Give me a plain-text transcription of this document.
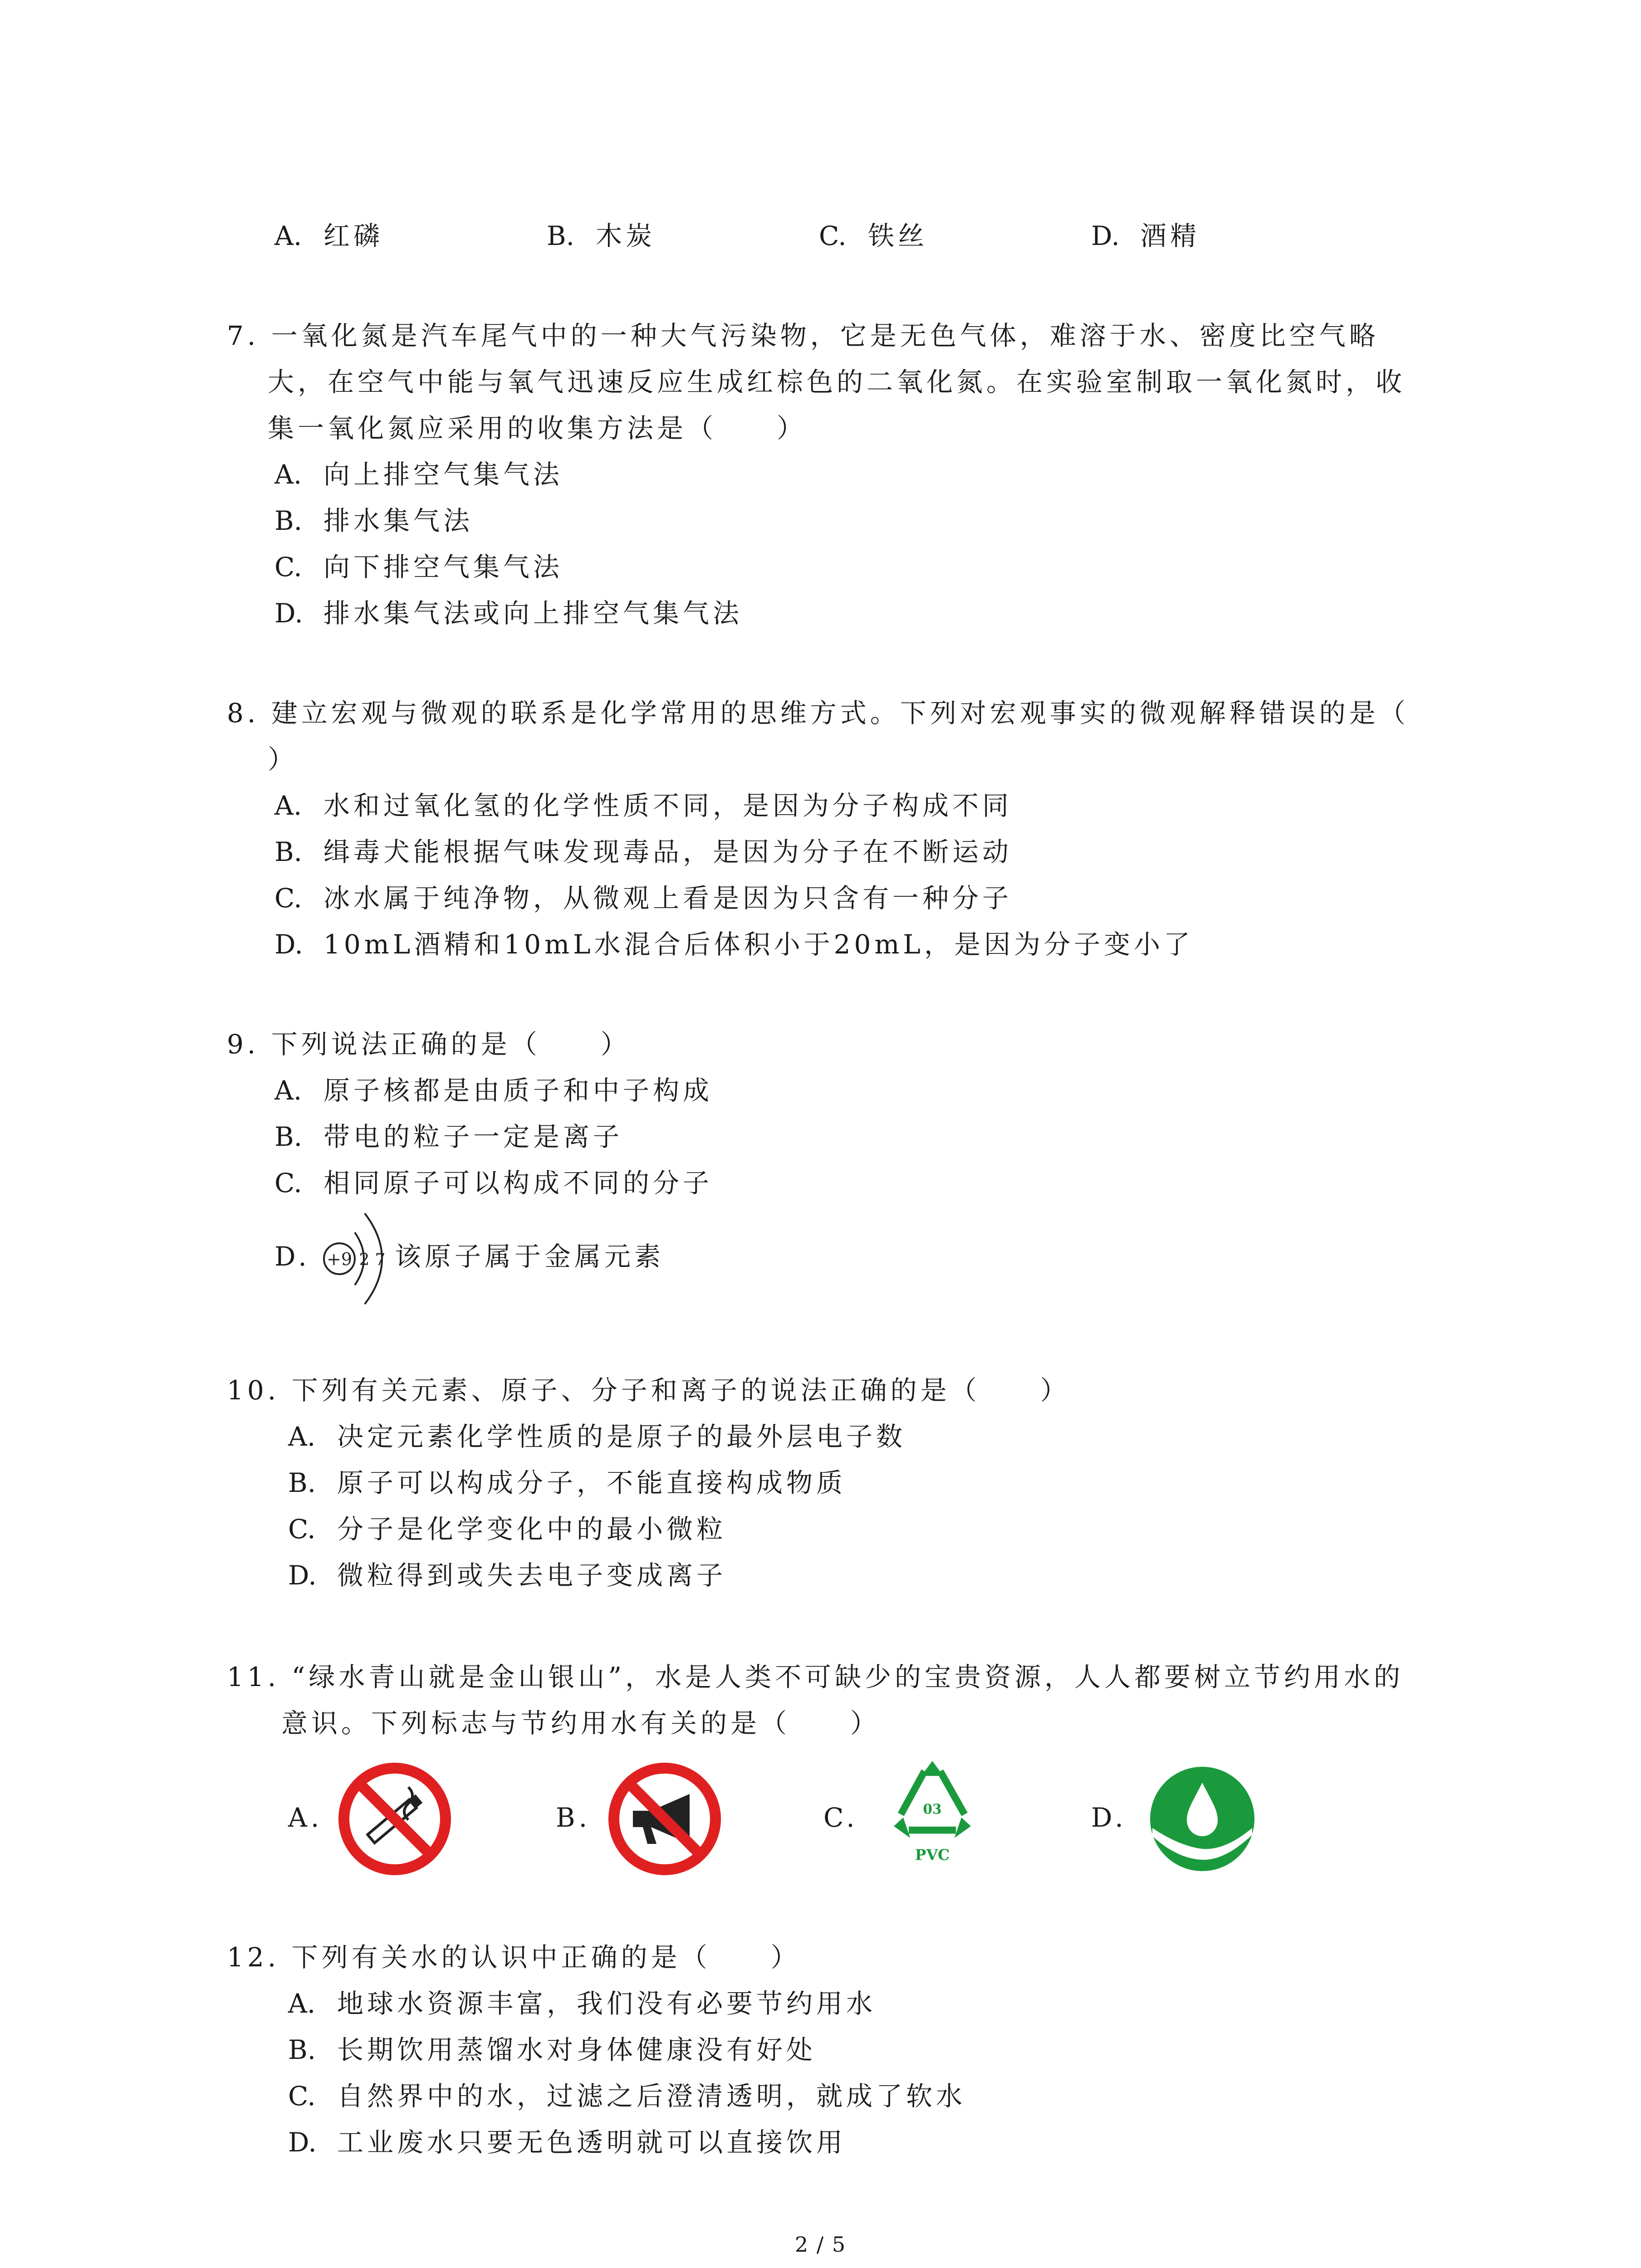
A. 红磷	B. 木炭	C. 铁丝	D. 酒精
7. 一氧化氮是汽车尾气中的一种大气污染物，它是无色气体，难溶于水、密度比空气略
大，在空气中能与氧气迅速反应生成红棕色的二氧化氮。在实验室制取一氧化氮时，收
集一氧化氮应采用的收集方法是（　　）
A. 向上排空气集气法
B. 排水集气法
C. 向下排空气集气法
D. 排水集气法或向上排空气集气法
8. 建立宏观与微观的联系是化学常用的思维方式。下列对宏观事实的微观解释错误的是（
）
A. 水和过氧化氢的化学性质不同，是因为分子构成不同
B. 缉毒犬能根据气味发现毒品，是因为分子在不断运动
C. 冰水属于纯净物，从微观上看是因为只含有一种分子
D. 10mL酒精和10mL水混合后体积小于20mL，是因为分子变小了
9. 下列说法正确的是（　　）
A. 原子核都是由质子和中子构成
B. 带电的粒子一定是离子
C. 相同原子可以构成不同的分子
D. +9 2 7 该原子属于金属元素
10. 下列有关元素、原子、分子和离子的说法正确的是（　　）
A. 决定元素化学性质的是原子的最外层电子数
B. 原子可以构成分子，不能直接构成物质
C. 分子是化学变化中的最小微粒
D. 微粒得到或失去电子变成离子
11. “绿水青山就是金山银山”，水是人类不可缺少的宝贵资源，人人都要树立节约用水的
意识。下列标志与节约用水有关的是（　　）
A.	B.	C.	03
PVC
D.
12. 下列有关水的认识中正确的是（　　）
A. 地球水资源丰富，我们没有必要节约用水
B. 长期饮用蒸馏水对身体健康没有好处
C. 自然界中的水，过滤之后澄清透明，就成了软水
D. 工业废水只要无色透明就可以直接饮用
2 / 5
